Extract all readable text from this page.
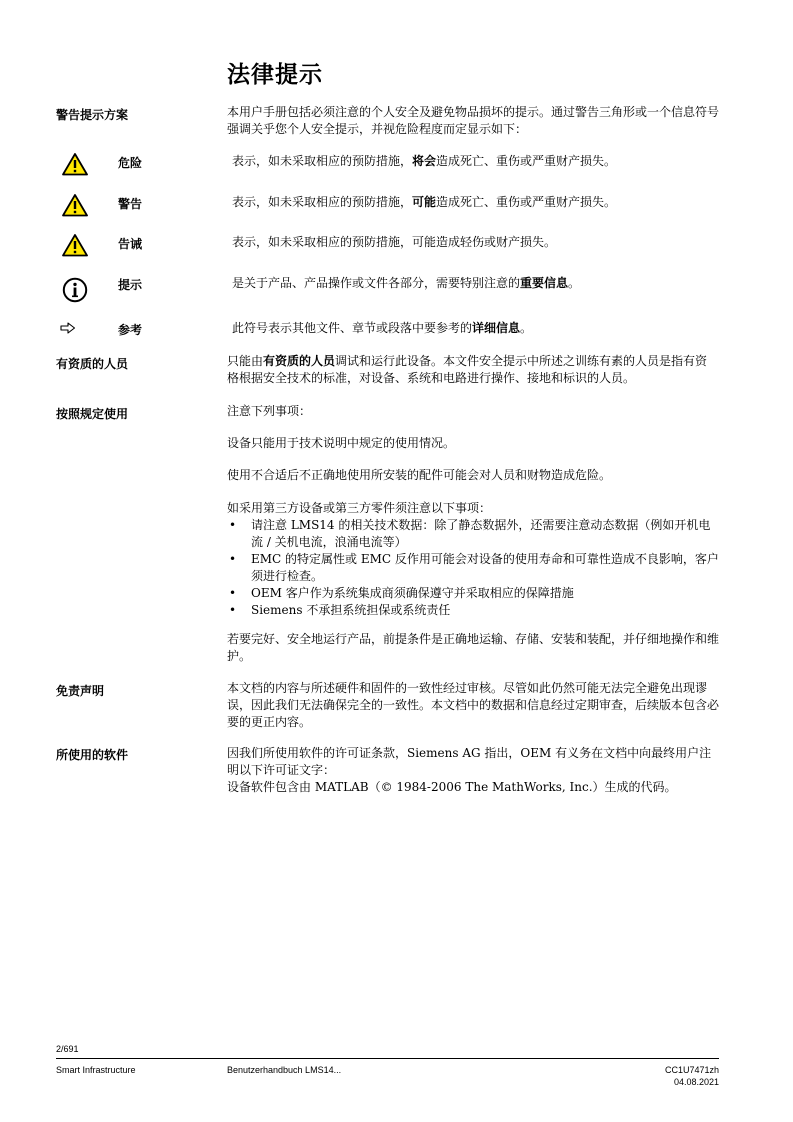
法律提示
警告提示方案	本用户手册包括必须注意的个人安全及避免物品损坏的提示。通过警告三角形或一个信息符号强调关乎您个人安全提示，并视危险程度而定显示如下：
危险	表示，如未采取相应的预防措施，将会造成死亡、重伤或严重财产损失。
警告	表示，如未采取相应的预防措施，可能造成死亡、重伤或严重财产损失。
告诫	表示，如未采取相应的预防措施，可能造成轻伤或财产损失。
提示	是关于产品、产品操作或文件各部分，需要特别注意的重要信息。
参考	此符号表示其他文件、章节或段落中要参考的详细信息。
有资质的人员	只能由有资质的人员调试和运行此设备。本文件安全提示中所述之训练有素的人员是指有资格根据安全技术的标准，对设备、系统和电路进行操作、接地和标识的人员。
按照规定使用	注意下列事项：
设备只能用于技术说明中规定的使用情况。
使用不合适后不正确地使用所安装的配件可能会对人员和财物造成危险。
如采用第三方设备或第三方零件须注意以下事项：
• 请注意 LMS14 的相关技术数据：除了静态数据外，还需要注意动态数据（例如开机电流 / 关机电流，浪涌电流等）
• EMC 的特定属性或 EMC 反作用可能会对设备的使用寿命和可靠性造成不良影响，客户须进行检查。
• OEM 客户作为系统集成商须确保遵守并采取相应的保障措施
• Siemens 不承担系统担保或系统责任
若要完好、安全地运行产品，前提条件是正确地运输、存储、安装和装配，并仔细地操作和维护。
免责声明	本文档的内容与所述硬件和固件的一致性经过审核。尽管如此仍然可能无法完全避免出现谬误，因此我们无法确保完全的一致性。本文档中的数据和信息经过定期审查，后续版本包含必要的更正内容。
所使用的软件	因我们所使用软件的许可证条款，Siemens AG 指出，OEM 有义务在文档中向最终用户注明以下许可证文字：
设备软件包含由 MATLAB（© 1984-2006 The MathWorks, Inc.）生成的代码。
2/691
Smart Infrastructure	Benutzerhandbuch LMS14...	CC1U7471zh
04.08.2021
